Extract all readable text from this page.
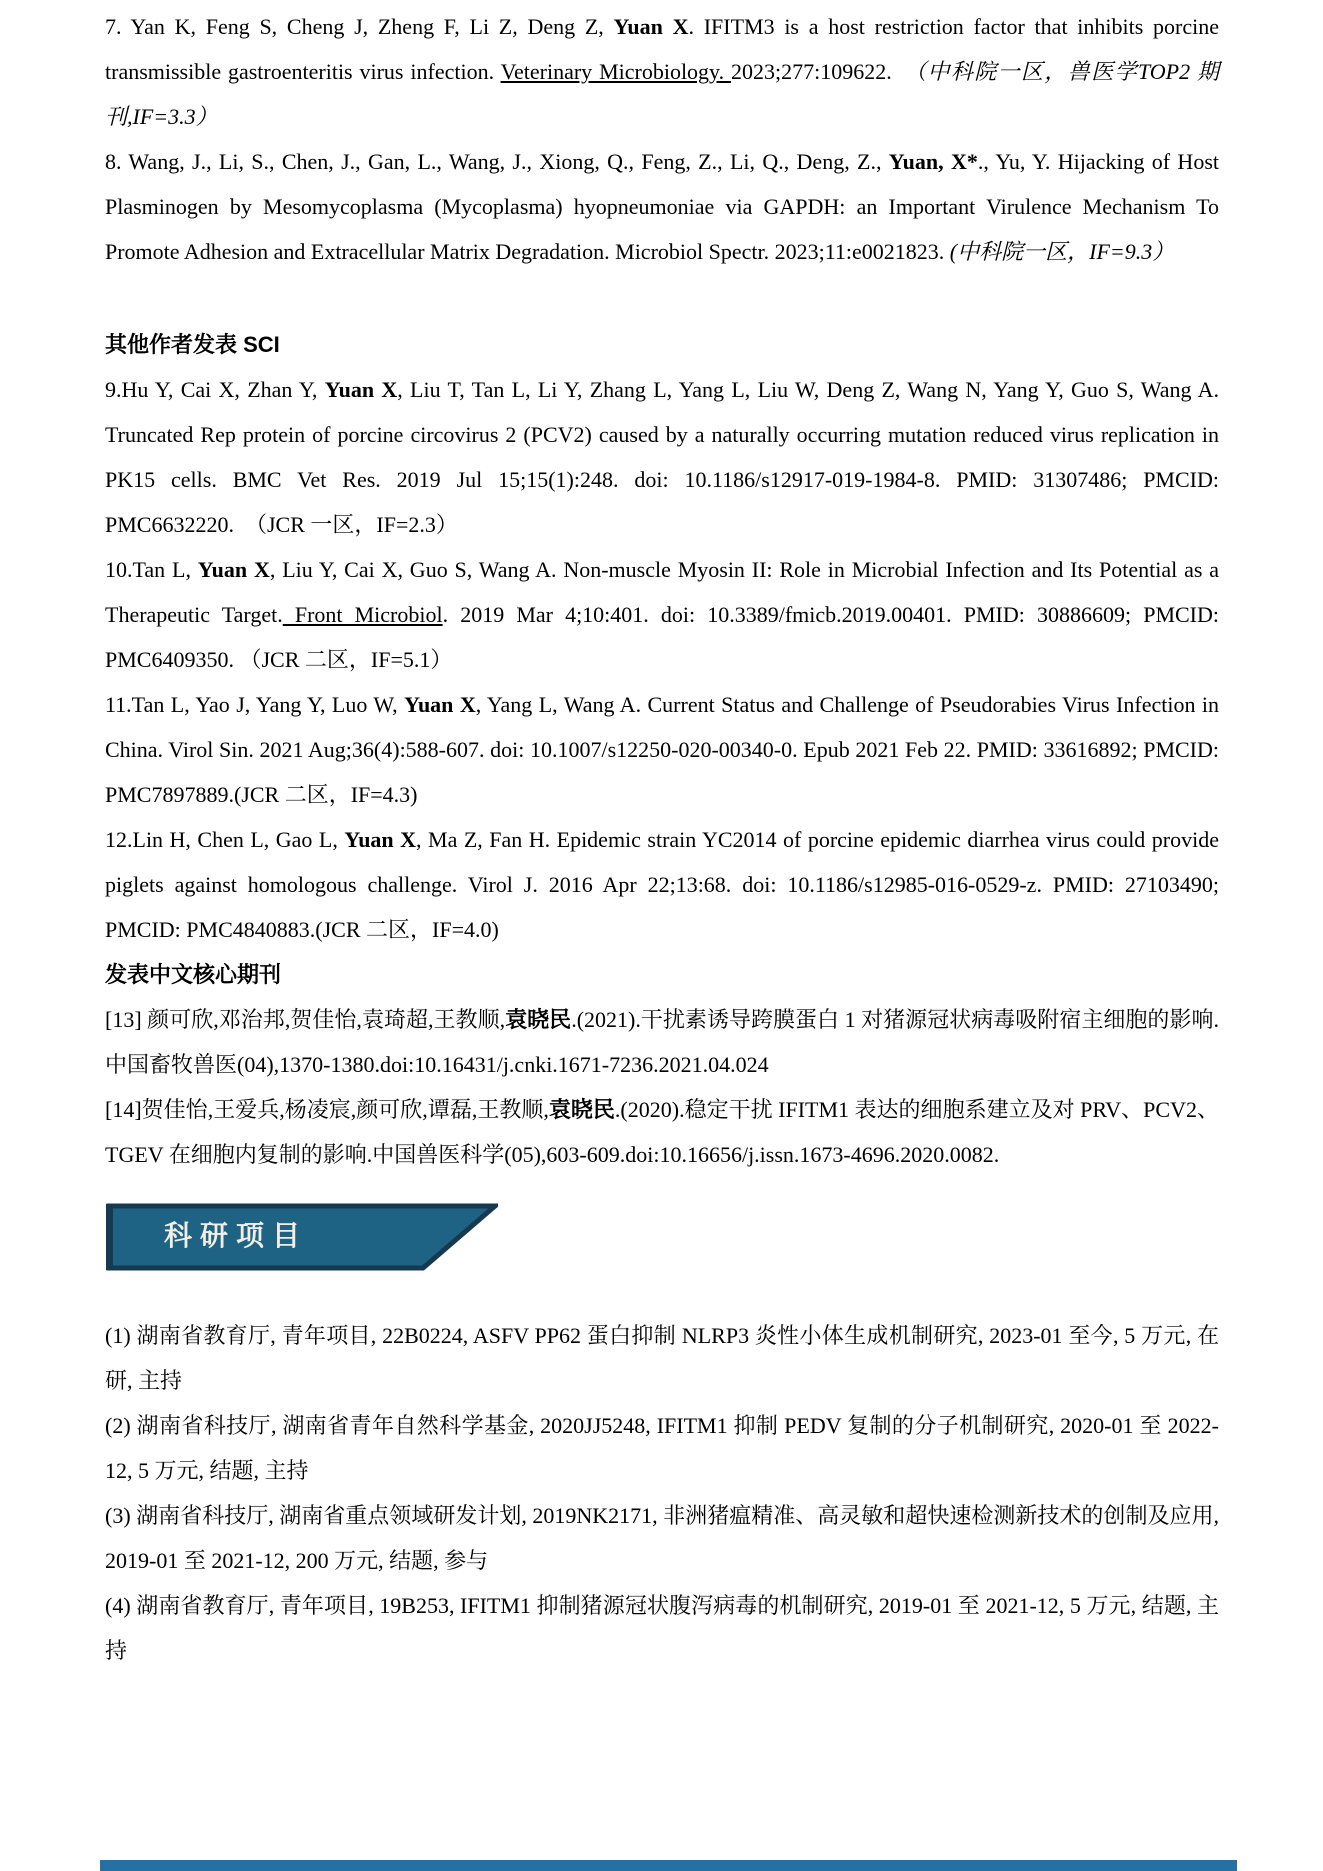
7. Yan K, Feng S, Cheng J, Zheng F, Li Z, Deng Z, Yuan X. IFITM3 is a host restriction factor that inhibits porcine transmissible gastroenteritis virus infection. Veterinary Microbiology. 2023;277:109622. （中科院一区，兽医学TOP2 期刊,IF=3.3）

8. Wang, J., Li, S., Chen, J., Gan, L., Wang, J., Xiong, Q., Feng, Z., Li, Q., Deng, Z., Yuan, X*., Yu, Y. Hijacking of Host Plasminogen by Mesomycoplasma (Mycoplasma) hyopneumoniae via GAPDH: an Important Virulence Mechanism To Promote Adhesion and Extracellular Matrix Degradation. Microbiol Spectr. 2023;11:e0021823. (中科院一区，IF=9.3）

其他作者发表 SCI

9.Hu Y, Cai X, Zhan Y, Yuan X, Liu T, Tan L, Li Y, Zhang L, Yang L, Liu W, Deng Z, Wang N, Yang Y, Guo S, Wang A. Truncated Rep protein of porcine circovirus 2 (PCV2) caused by a naturally occurring mutation reduced virus replication in PK15 cells. BMC Vet Res. 2019 Jul 15;15(1):248. doi: 10.1186/s12917-019-1984-8. PMID: 31307486; PMCID: PMC6632220. （JCR 一区，IF=2.3）

10.Tan L, Yuan X, Liu Y, Cai X, Guo S, Wang A. Non-muscle Myosin II: Role in Microbial Infection and Its Potential as a Therapeutic Target. Front Microbiol. 2019 Mar 4;10:401. doi: 10.3389/fmicb.2019.00401. PMID: 30886609; PMCID: PMC6409350. （JCR 二区，IF=5.1）

11.Tan L, Yao J, Yang Y, Luo W, Yuan X, Yang L, Wang A. Current Status and Challenge of Pseudorabies Virus Infection in China. Virol Sin. 2021 Aug;36(4):588-607. doi: 10.1007/s12250-020-00340-0. Epub 2021 Feb 22. PMID: 33616892; PMCID: PMC7897889.(JCR 二区，IF=4.3)

12.Lin H, Chen L, Gao L, Yuan X, Ma Z, Fan H. Epidemic strain YC2014 of porcine epidemic diarrhea virus could provide piglets against homologous challenge. Virol J. 2016 Apr 22;13:68. doi: 10.1186/s12985-016-0529-z. PMID: 27103490; PMCID: PMC4840883.(JCR 二区，IF=4.0)

发表中文核心期刊

[13] 颜可欣,邓治邦,贺佳怡,袁琦超,王教顺,袁晓民.(2021).干扰素诱导跨膜蛋白 1 对猪源冠状病毒吸附宿主细胞的影响.中国畜牧兽医(04),1370-1380.doi:10.16431/j.cnki.1671-7236.2021.04.024

[14]贺佳怡,王爱兵,杨凌宸,颜可欣,谭磊,王教顺,袁晓民.(2020).稳定干扰 IFITM1 表达的细胞系建立及对 PRV、PCV2、TGEV 在细胞内复制的影响.中国兽医科学(05),603-609.doi:10.16656/j.issn.1673-4696.2020.0082.

科研项目

(1) 湖南省教育厅, 青年项目, 22B0224, ASFV PP62 蛋白抑制 NLRP3 炎性小体生成机制研究, 2023-01 至今, 5 万元, 在研, 主持

(2) 湖南省科技厅, 湖南省青年自然科学基金, 2020JJ5248, IFITM1 抑制 PEDV 复制的分子机制研究, 2020-01 至 2022-12, 5 万元, 结题, 主持

(3) 湖南省科技厅, 湖南省重点领域研发计划, 2019NK2171, 非洲猪瘟精准、高灵敏和超快速检测新技术的创制及应用, 2019-01 至 2021-12, 200 万元, 结题, 参与

(4) 湖南省教育厅, 青年项目, 19B253, IFITM1 抑制猪源冠状腹泻病毒的机制研究, 2019-01 至 2021-12, 5 万元, 结题, 主持
